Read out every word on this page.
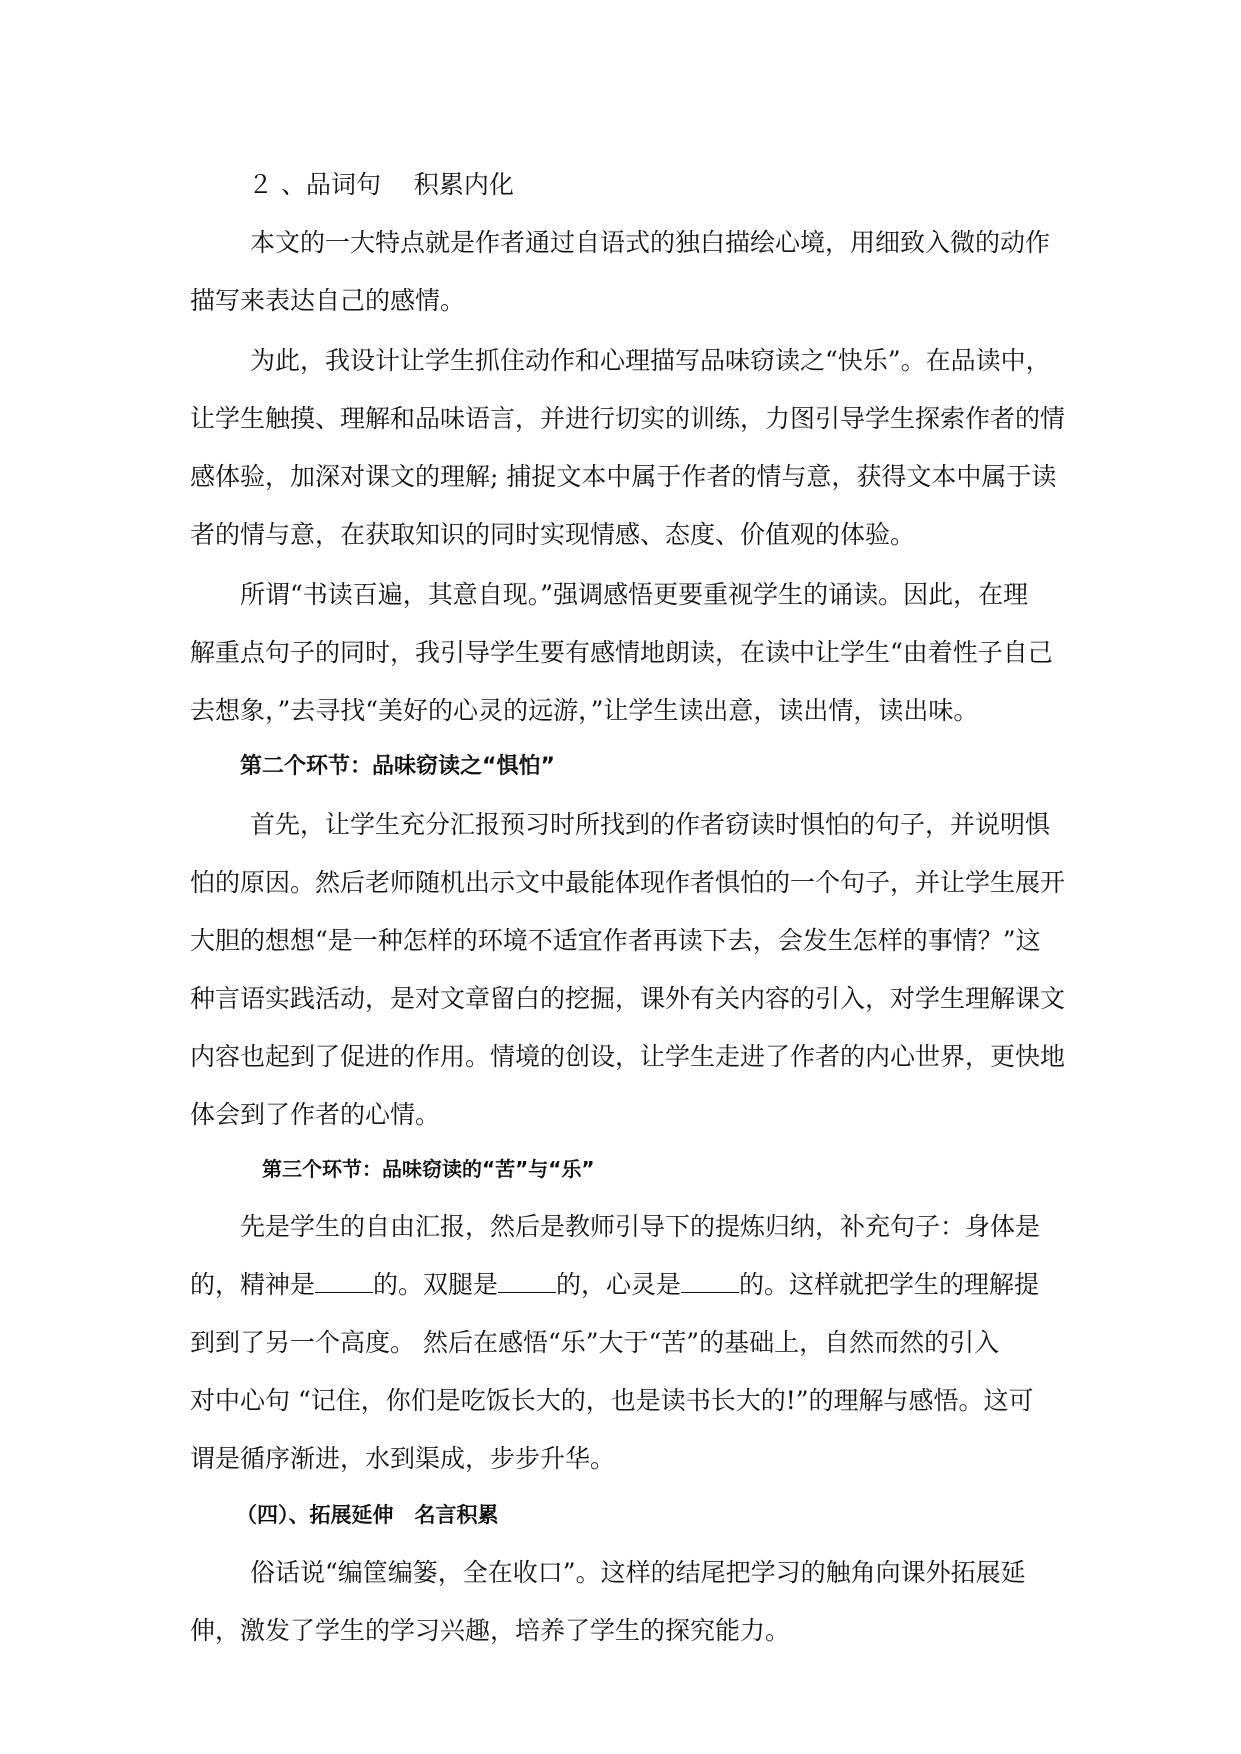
２ 、品词句　 积累内化
本文的一大特点就是作者通过自语式的独白描绘心境，用细致入微的动作
描写来表达自己的感情。
为此，我设计让学生抓住动作和心理描写品味窃读之“快乐”。在品读中，
让学生触摸、理解和品味语言，并进行切实的训练，力图引导学生探索作者的情
感体验，加深对课文的理解; 捕捉文本中属于作者的情与意，获得文本中属于读
者的情与意，在获取知识的同时实现情感、态度、价值观的体验。
所谓“书读百遍，其意自现。”强调感悟更要重视学生的诵读。因此，在理
解重点句子的同时，我引导学生要有感情地朗读，在读中让学生“由着性子自己
去想象，”去寻找“美好的心灵的远游，”让学生读出意，读出情，读出味。
第二个环节：品味窃读之“惧怕”
首先，让学生充分汇报预习时所找到的作者窃读时惧怕的句子，并说明惧
怕的原因。然后老师随机出示文中最能体现作者惧怕的一个句子，并让学生展开
大胆的想想“是一种怎样的环境不适宜作者再读下去，会发生怎样的事情？”这
种言语实践活动，是对文章留白的挖掘，课外有关内容的引入，对学生理解课文
内容也起到了促进的作用。情境的创设，让学生走进了作者的内心世界，更快地
体会到了作者的心情。
第三个环节：品味窃读的“苦”与“乐”
先是学生的自由汇报，然后是教师引导下的提炼归纳，补充句子：身体是
的，精神是 的。双腿是 的，心灵是 的。这样就把学生的理解提
到到了另一个高度。 然后在感悟“乐”大于“苦”的基础上，自然而然的引入
对中心句 “记住，你们是吃饭长大的，也是读书长大的!”的理解与感悟。这可
谓是循序渐进，水到渠成，步步升华。
（四）、拓展延伸　名言积累
俗话说“编筐编篓，全在收口”。这样的结尾把学习的触角向课外拓展延
伸，激发了学生的学习兴趣，培养了学生的探究能力。
